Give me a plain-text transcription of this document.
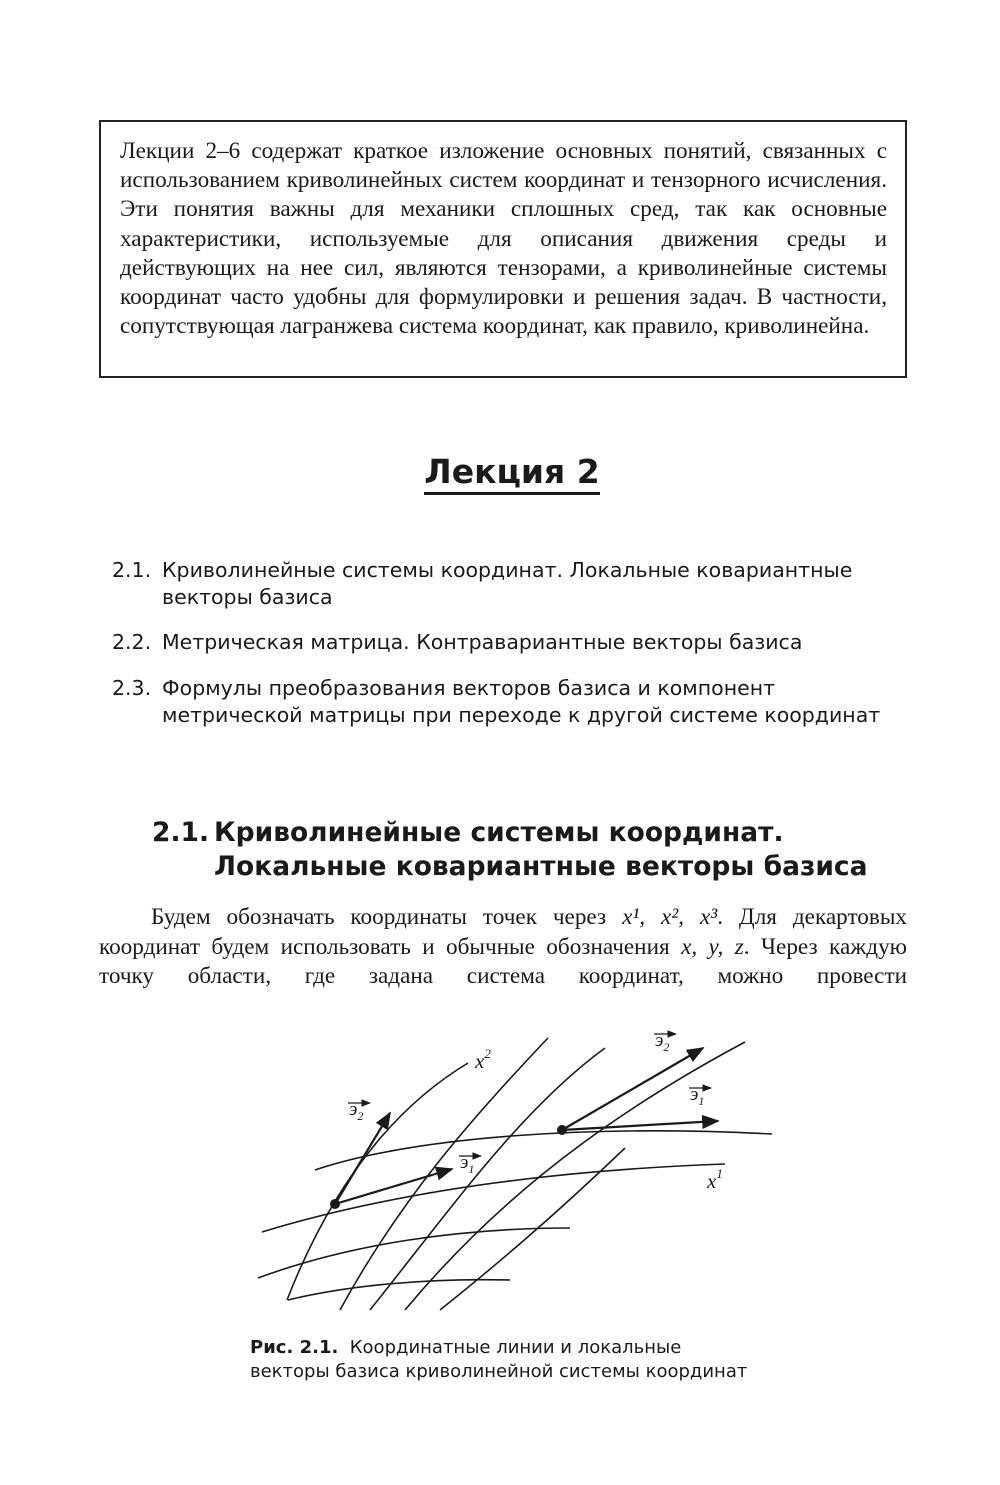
Лекции 2–6 содержат краткое изложение основных понятий, связанных с использованием криволинейных систем координат и тензорного исчисления. Эти понятия важны для механики сплошных сред, так как основные характеристики, используемые для описания движения среды и действующих на нее сил, являются тензорами, а криволинейные системы координат часто удобны для формулировки и решения задач. В частности, сопутствующая лагранжева система координат, как правило, криволинейна.

Лекция 2
2.1. Криволинейные системы координат. Локальные ковариантные векторы базиса
2.2. Метрическая матрица. Контравариантные векторы базиса
2.3. Формулы преобразования векторов базиса и компонент метрической матрицы при переходе к другой системе координат
2.1. Криволинейные системы координат.
Локальные ковариантные векторы базиса

Будем обозначать координаты точек через x¹, x², x³. Для декартовых координат будем использовать и обычные обозначения x, y, z. Через каждую точку области, где задана система координат, можно провести

$x^2$
$x^1$
$э_2$
$э_1$
$э_2$
$э_1$
Рис. 2.1. Координатные линии и локальные
векторы базиса криволинейной системы координат
